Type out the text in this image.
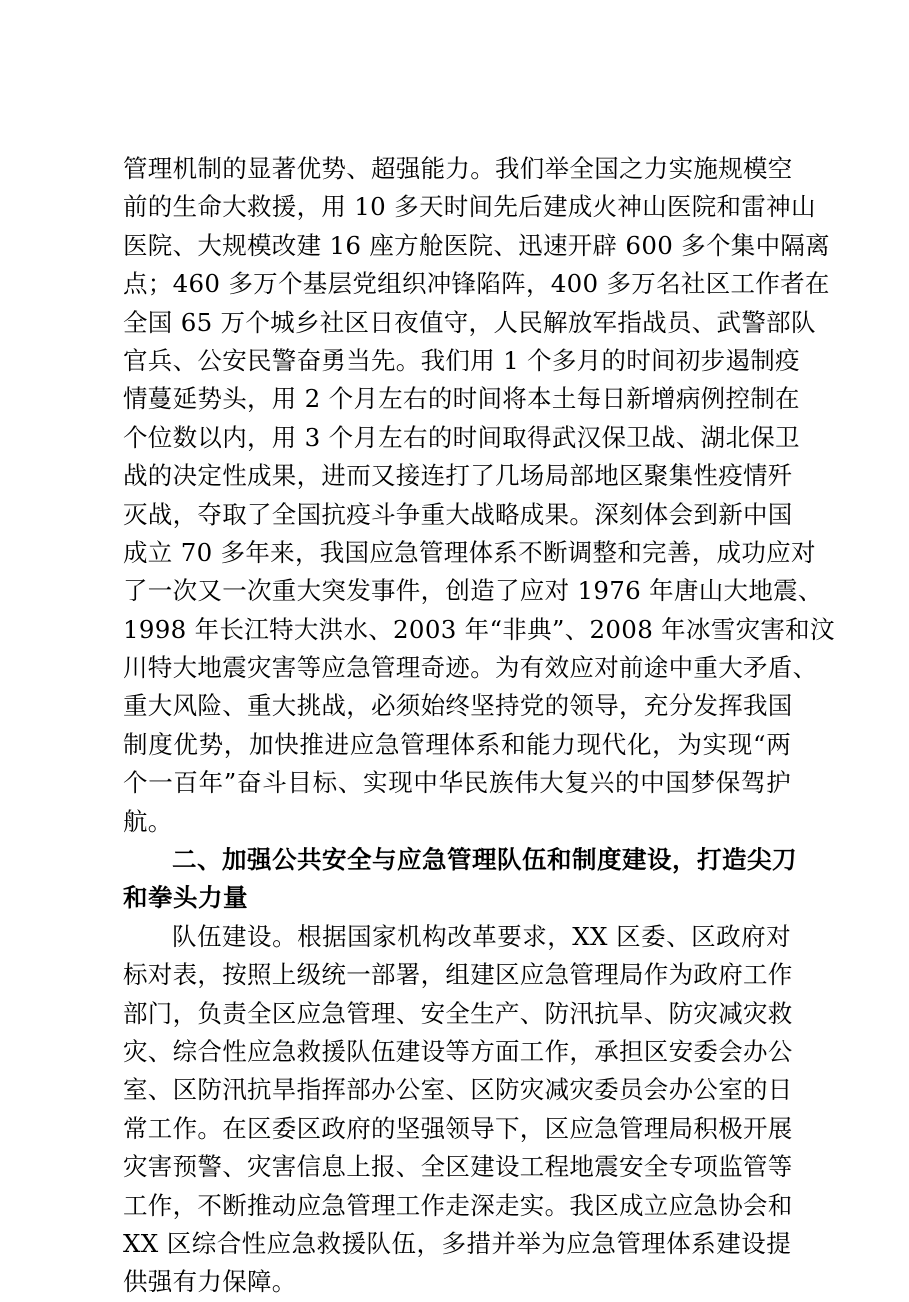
管理机制的显著优势、超强能力。我们举全国之力实施规模空
前的生命大救援，用 10 多天时间先后建成火神山医院和雷神山
医院、大规模改建 16 座方舱医院、迅速开辟 600 多个集中隔离
点；460 多万个基层党组织冲锋陷阵，400 多万名社区工作者在
全国 65 万个城乡社区日夜值守，人民解放军指战员、武警部队
官兵、公安民警奋勇当先。我们用 1 个多月的时间初步遏制疫
情蔓延势头，用 2 个月左右的时间将本土每日新增病例控制在
个位数以内，用 3 个月左右的时间取得武汉保卫战、湖北保卫
战的决定性成果，进而又接连打了几场局部地区聚集性疫情歼
灭战，夺取了全国抗疫斗争重大战略成果。深刻体会到新中国
成立 70 多年来，我国应急管理体系不断调整和完善，成功应对
了一次又一次重大突发事件，创造了应对 1976 年唐山大地震、
1998 年长江特大洪水、2003 年“非典”、2008 年冰雪灾害和汶
川特大地震灾害等应急管理奇迹。为有效应对前途中重大矛盾、
重大风险、重大挑战，必须始终坚持党的领导，充分发挥我国
制度优势，加快推进应急管理体系和能力现代化，为实现“两
个一百年”奋斗目标、实现中华民族伟大复兴的中国梦保驾护
航。
二、加强公共安全与应急管理队伍和制度建设，打造尖刀
和拳头力量
队伍建设。根据国家机构改革要求，XX 区委、区政府对
标对表，按照上级统一部署，组建区应急管理局作为政府工作
部门，负责全区应急管理、安全生产、防汛抗旱、防灾减灾救
灾、综合性应急救援队伍建设等方面工作，承担区安委会办公
室、区防汛抗旱指挥部办公室、区防灾减灾委员会办公室的日
常工作。在区委区政府的坚强领导下，区应急管理局积极开展
灾害预警、灾害信息上报、全区建设工程地震安全专项监管等
工作，不断推动应急管理工作走深走实。我区成立应急协会和
XX 区综合性应急救援队伍，多措并举为应急管理体系建设提
供强有力保障。
